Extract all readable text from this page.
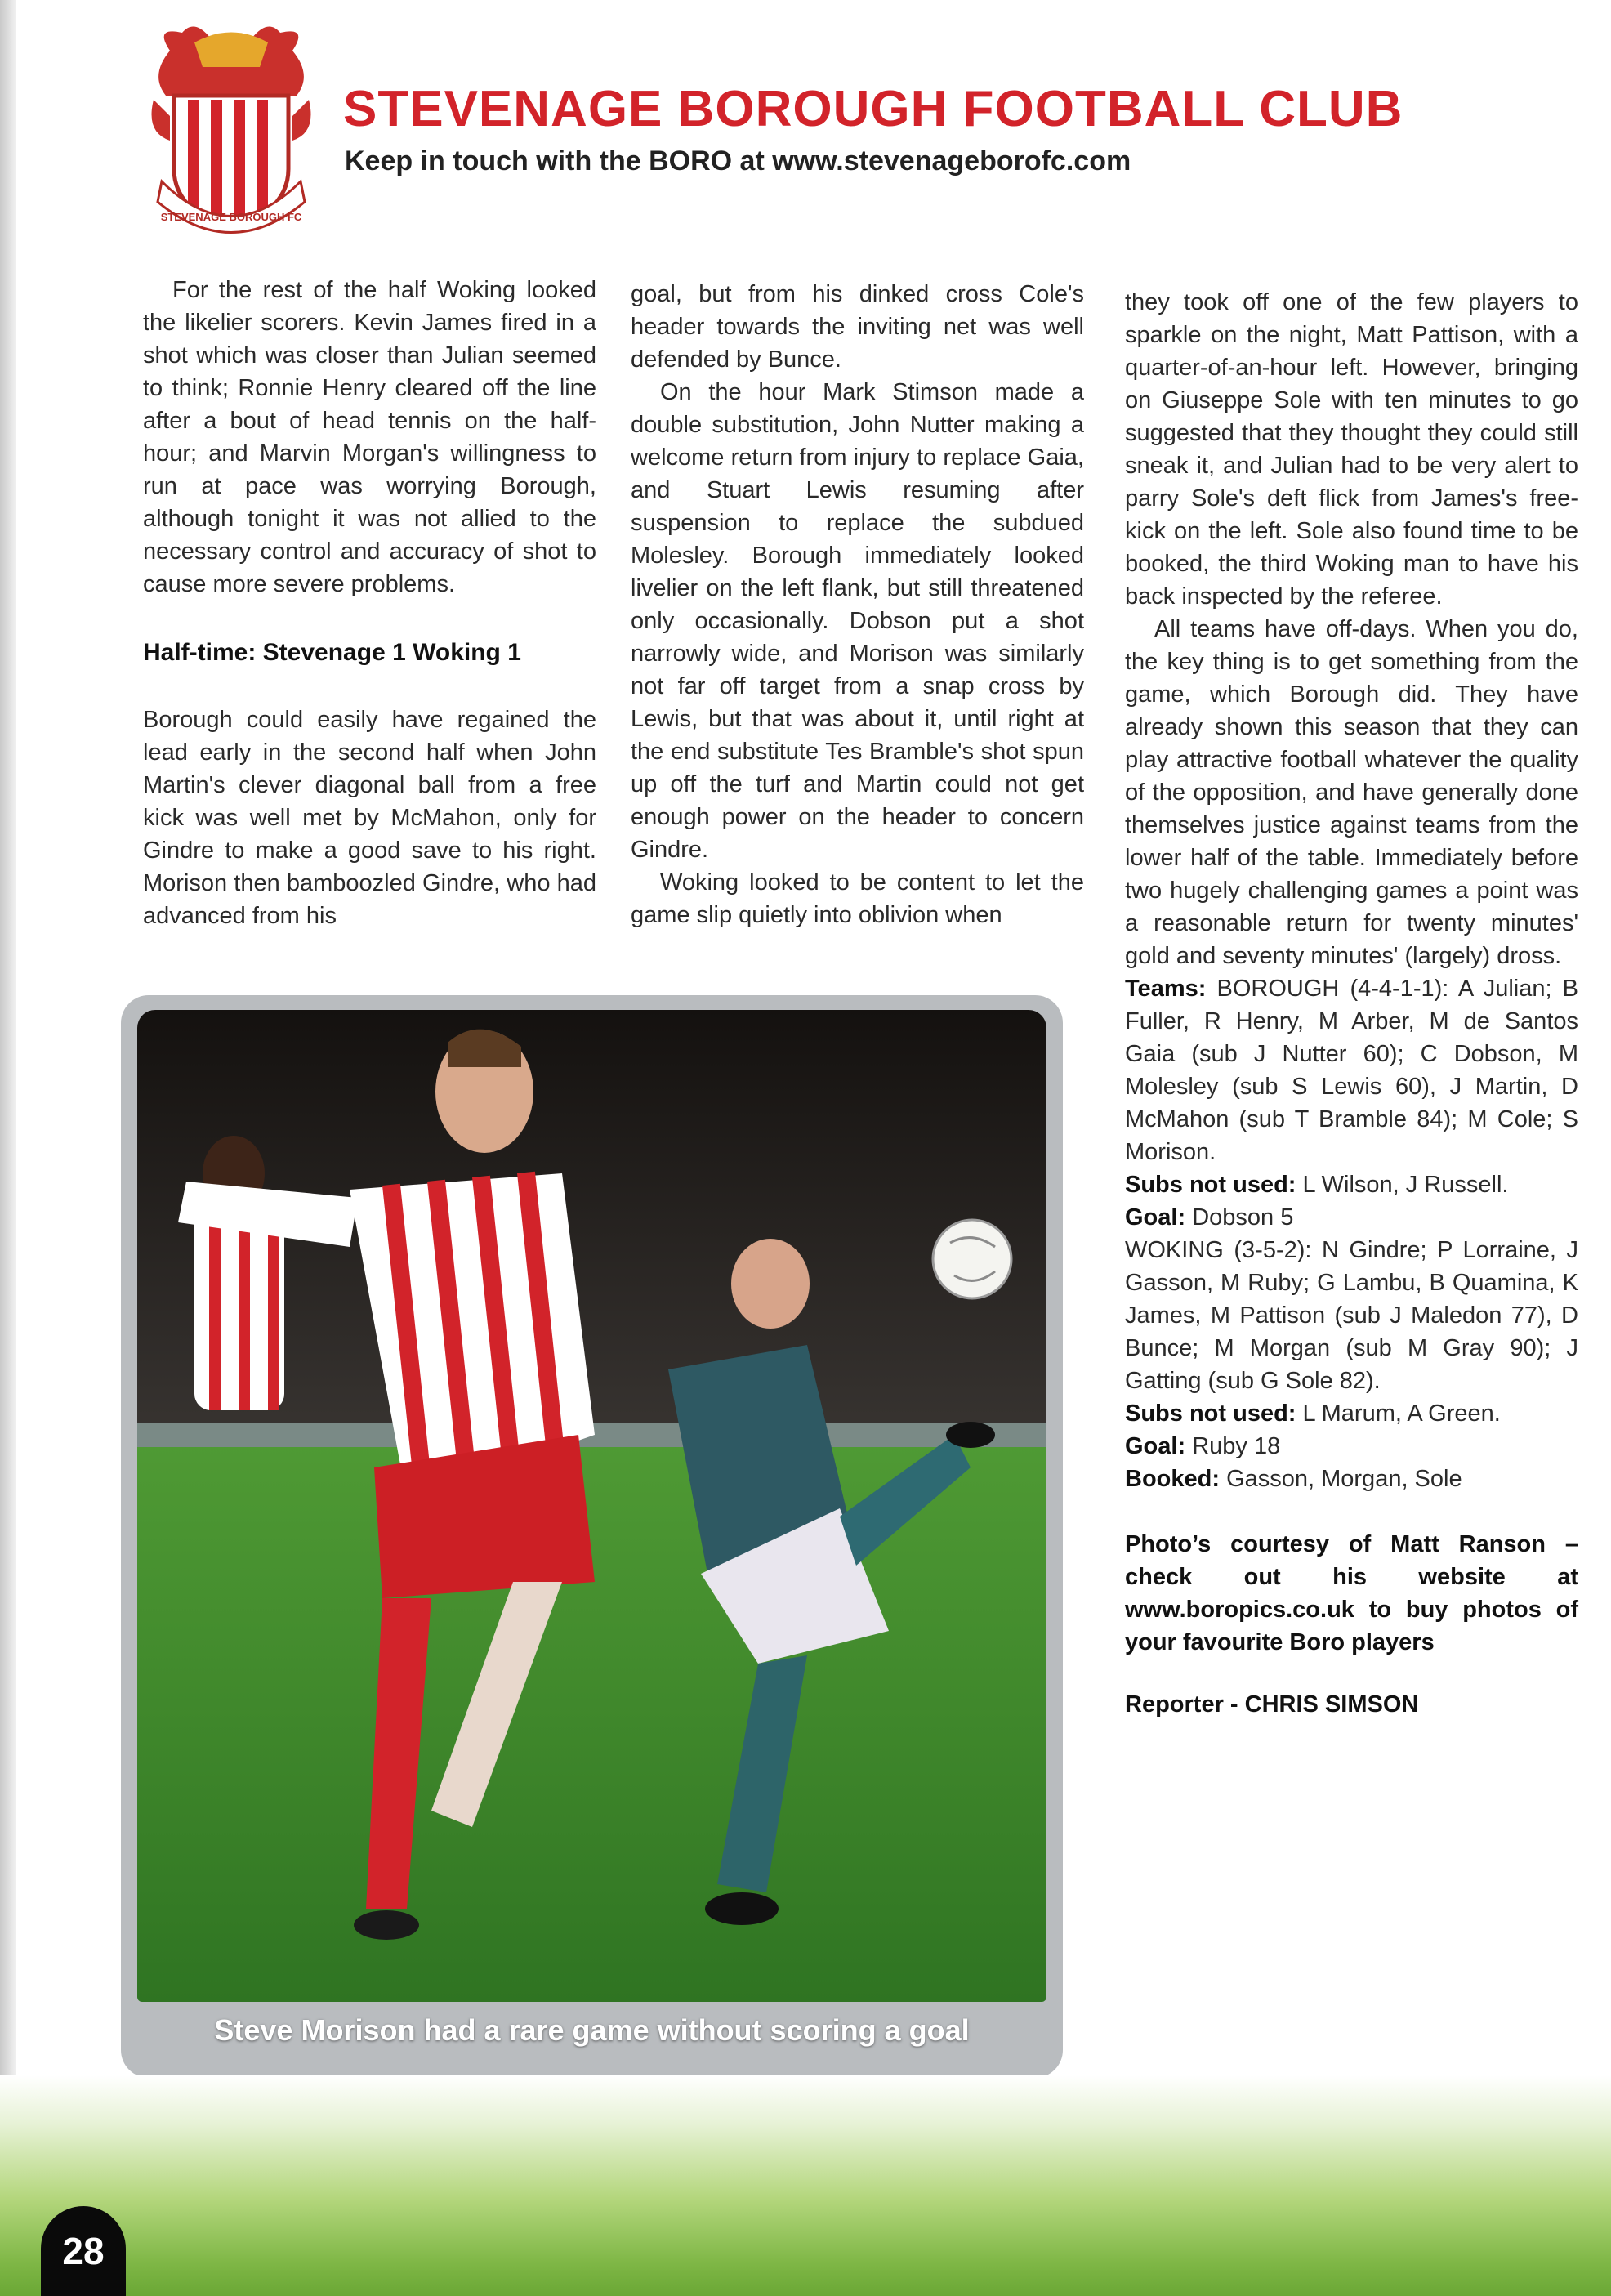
STEVENAGE BOROUGH FC
STEVENAGE BOROUGH FOOTBALL CLUB

Keep in touch with the BORO at www.stevenageborofc.com

For the rest of the half Woking looked the likelier scorers. Kevin James fired in a shot which was closer than Julian seemed to think; Ronnie Henry cleared off the line after a bout of head tennis on the half-hour; and Marvin Morgan's willingness to run at pace was worrying Borough, although tonight it was not allied to the necessary control and accuracy of shot to cause more severe problems.

Half-time: Stevenage 1 Woking 1

Borough could easily have regained the lead early in the second half when John Martin's clever diagonal ball from a free kick was well met by McMahon, only for Gindre to make a good save to his right. Morison then bamboozled Gindre, who had advanced from his

goal, but from his dinked cross Cole's header towards the inviting net was well defended by Bunce.

On the hour Mark Stimson made a double substitution, John Nutter making a welcome return from injury to replace Gaia, and Stuart Lewis resuming after suspension to replace the subdued Molesley. Borough immediately looked livelier on the left flank, but still threatened only occasionally. Dobson put a shot narrowly wide, and Morison was similarly not far off target from a snap cross by Lewis, but that was about it, until right at the end substitute Tes Bramble's shot spun up off the turf and Martin could not get enough power on the header to concern Gindre.

Woking looked to be content to let the game slip quietly into oblivion when

they took off one of the few players to sparkle on the night, Matt Pattison, with a quarter-of-an-hour left. However, bringing on Giuseppe Sole with ten minutes to go suggested that they thought they could still sneak it, and Julian had to be very alert to parry Sole's deft flick from James's free-kick on the left. Sole also found time to be booked, the third Woking man to have his back inspected by the referee.

All teams have off-days. When you do, the key thing is to get something from the game, which Borough did. They have already shown this season that they can play attractive football whatever the quality of the opposition, and have generally done themselves justice against teams from the lower half of the table. Immediately before two hugely challenging games a point was a reasonable return for twenty minutes' gold and seventy minutes' (largely) dross.

Teams: BOROUGH (4-4-1-1): A Julian; B Fuller, R Henry, M Arber, M de Santos Gaia (sub J Nutter 60); C Dobson, M Molesley (sub S Lewis 60), J Martin, D McMahon (sub T Bramble 84); M Cole; S Morison.

Subs not used: L Wilson, J Russell.

Goal: Dobson 5

WOKING (3-5-2): N Gindre; P Lorraine, J Gasson, M Ruby; G Lambu, B Quamina, K James, M Pattison (sub J Maledon 77), D Bunce; M Morgan (sub M Gray 90); J Gatting (sub G Sole 82).

Subs not used: L Marum, A Green.

Goal: Ruby 18

Booked: Gasson, Morgan, Sole

Photo’s courtesy of Matt Ranson – check out his website at www.boropics.co.uk to buy photos of your favourite Boro players

Reporter - CHRIS SIMSON

Steve Morison had a rare game without scoring a goal
28
